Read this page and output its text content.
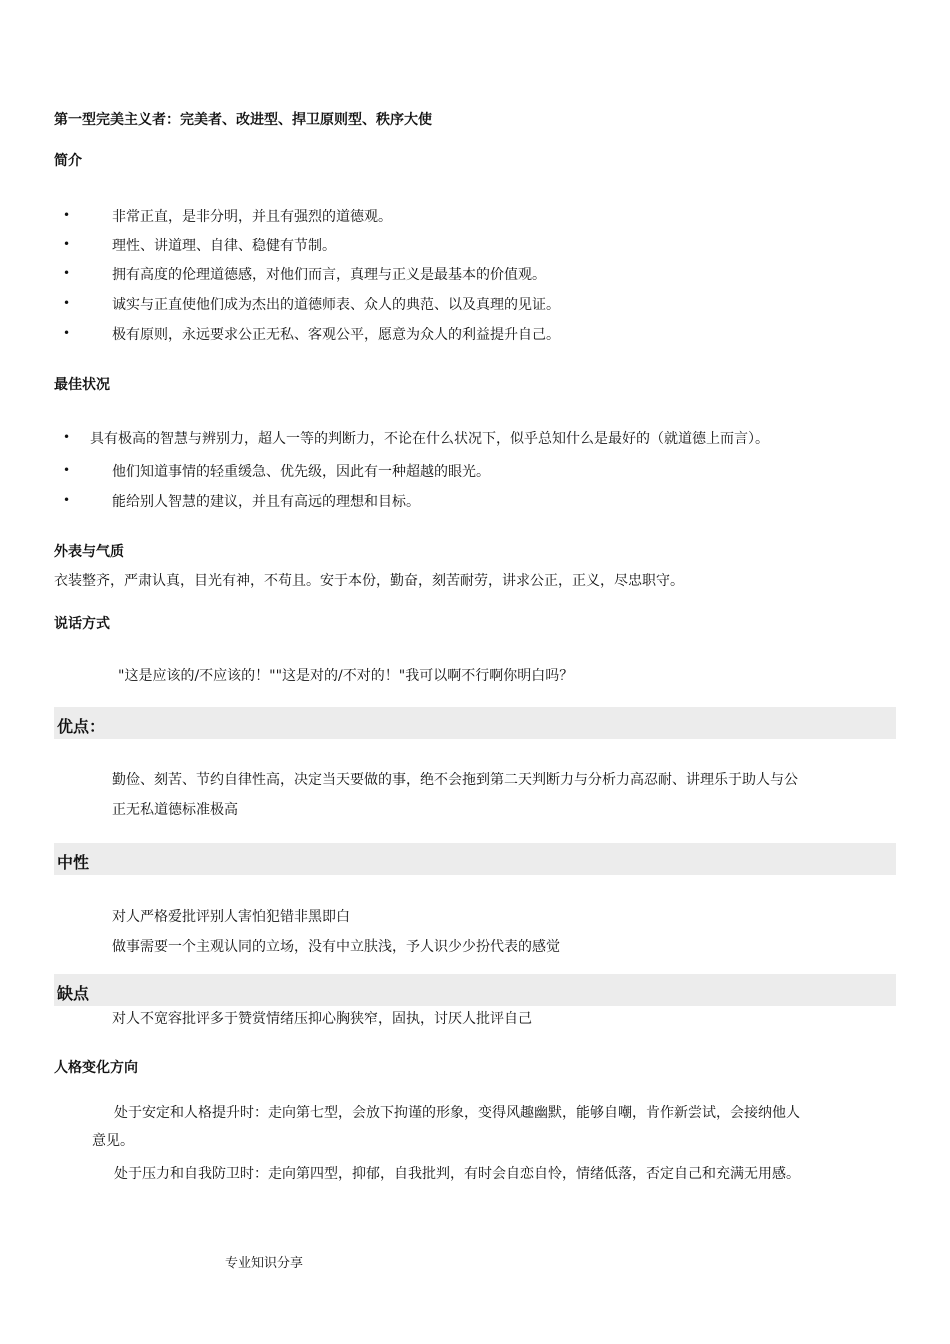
第一型完美主义者：完美者、改进型、捍卫原则型、秩序大使
简介
•	非常正直，是非分明，并且有强烈的道德观。
•	理性、讲道理、自律、稳健有节制。
•	拥有高度的伦理道德感，对他们而言，真理与正义是最基本的价值观。
•	诚实与正直使他们成为杰出的道德师表、众人的典范、以及真理的见证。
•	极有原则，永远要求公正无私、客观公平，愿意为众人的利益提升自己。
最佳状况
• 具有极高的智慧与辨别力，超人一等的判断力，不论在什么状况下，似乎总知什么是最好的（就道德上而言）。
•	他们知道事情的轻重缓急、优先级，因此有一种超越的眼光。
•	能给别人智慧的建议，并且有高远的理想和目标。
外表与气质
衣装整齐，严肃认真，目光有神，不苟且。安于本份，勤奋，刻苦耐劳，讲求公正，正义，尽忠职守。
说话方式
"这是应该的/不应该的！""这是对的/不对的！"我可以啊不行啊你明白吗？
优点：
勤俭、刻苦、节约自律性高，决定当天要做的事，绝不会拖到第二天判断力与分析力高忍耐、讲理乐于助人与公
正无私道德标准极高
中性
对人严格爱批评别人害怕犯错非黑即白
做事需要一个主观认同的立场，没有中立肤浅，予人识少少扮代表的感觉
缺点
对人不宽容批评多于赞赏情绪压抑心胸狭窄，固执，讨厌人批评自己
人格变化方向
处于安定和人格提升时：走向第七型，会放下拘谨的形象，变得风趣幽默，能够自嘲，肯作新尝试，会接纳他人
意见。
处于压力和自我防卫时：走向第四型，抑郁，自我批判，有时会自恋自怜，情绪低落，否定自己和充满无用感。
专业知识分享
